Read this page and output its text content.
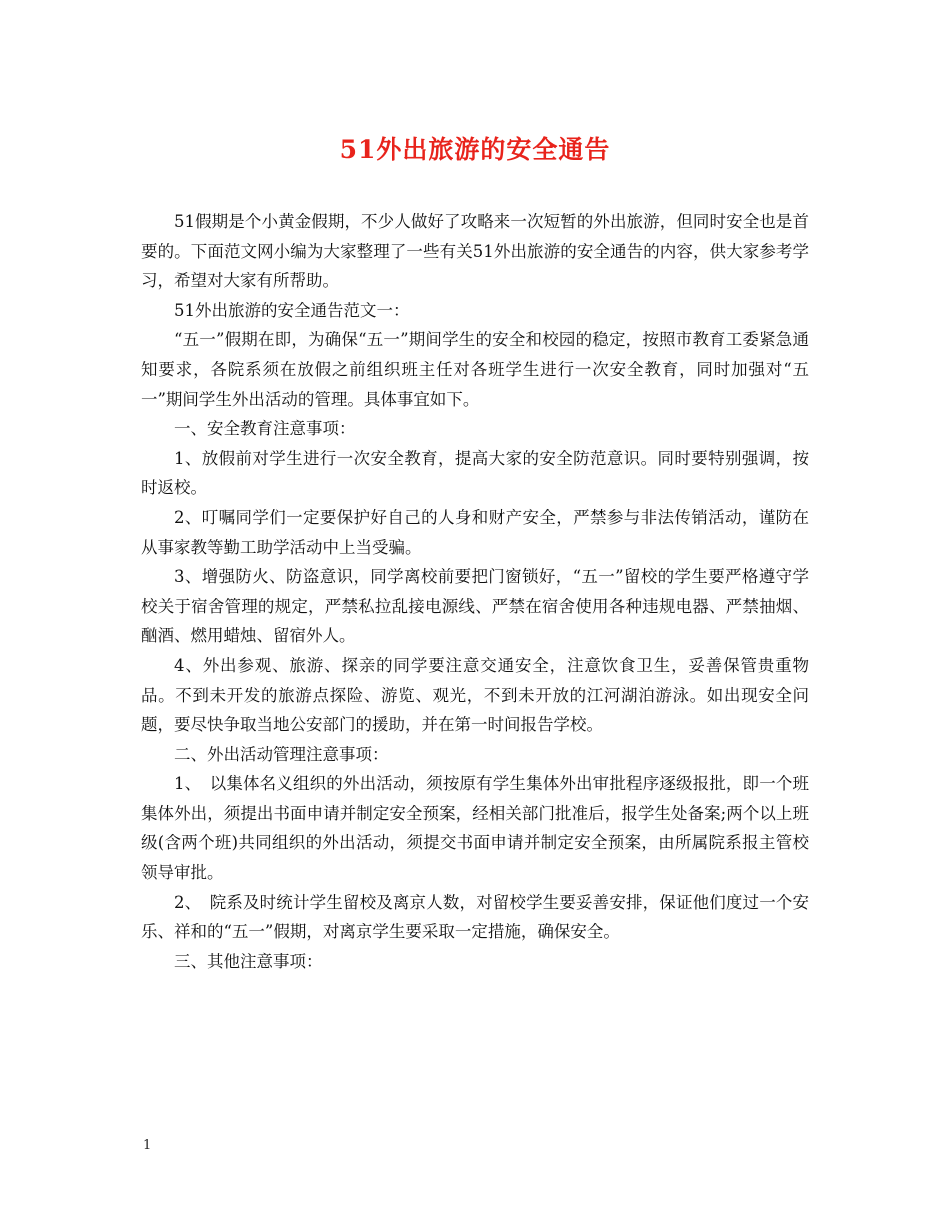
51外出旅游的安全通告

51假期是个小黄金假期，不少人做好了攻略来一次短暂的外出旅游，但同时安全也是首要的。下面范文网小编为大家整理了一些有关51外出旅游的安全通告的内容，供大家参考学习，希望对大家有所帮助。

51外出旅游的安全通告范文一：

“五一”假期在即，为确保“五一”期间学生的安全和校园的稳定，按照市教育工委紧急通知要求，各院系须在放假之前组织班主任对各班学生进行一次安全教育，同时加强对“五一”期间学生外出活动的管理。具体事宜如下。

一、安全教育注意事项：

1、放假前对学生进行一次安全教育，提高大家的安全防范意识。同时要特别强调，按时返校。

2、叮嘱同学们一定要保护好自己的人身和财产安全，严禁参与非法传销活动，谨防在从事家教等勤工助学活动中上当受骗。

3、增强防火、防盗意识，同学离校前要把门窗锁好，“五一”留校的学生要严格遵守学校关于宿舍管理的规定，严禁私拉乱接电源线、严禁在宿舍使用各种违规电器、严禁抽烟、酗酒、燃用蜡烛、留宿外人。

4、外出参观、旅游、探亲的同学要注意交通安全，注意饮食卫生，妥善保管贵重物品。不到未开发的旅游点探险、游览、观光，不到未开放的江河湖泊游泳。如出现安全问题，要尽快争取当地公安部门的援助，并在第一时间报告学校。

二、外出活动管理注意事项：

1、　以集体名义组织的外出活动，须按原有学生集体外出审批程序逐级报批，即一个班集体外出，须提出书面申请并制定安全预案，经相关部门批准后，报学生处备案;两个以上班级(含两个班)共同组织的外出活动，须提交书面申请并制定安全预案，由所属院系报主管校领导审批。

2、　院系及时统计学生留校及离京人数，对留校学生要妥善安排，保证他们度过一个安乐、祥和的“五一”假期，对离京学生要采取一定措施，确保安全。

三、其他注意事项：

1
